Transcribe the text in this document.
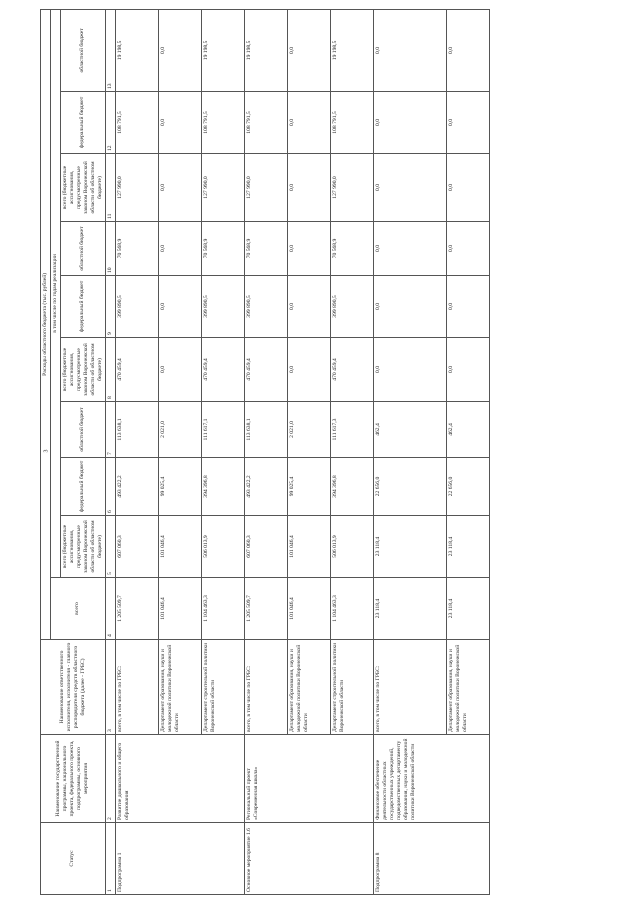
3
Статус	Наименование государственной программы, национального проекта, федерального проекта, подпрограммы, основного мероприятия	Наименование ответственного исполнителя, исполнителя - главного распорядителя средств областного бюджета (далее - ГРБС)	Расходы областного бюджета (тыс. рублей)									
			всего	в том числе по годам реализации								
				всего (бюджетные ассигнования, предусмотренные законом Воронежской области об областном бюджете)	федеральный бюджет	областной бюджет	всего (бюджетные ассигнования, предусмотренные законом Воронежской области об областном бюджете)	федеральный бюджет	областной бюджет	всего (бюджетные ассигнования, предусмотренные законом Воронежской области об областном бюджете)	федеральный бюджет	областной бюджет
1	2	3	4	5	6	7	8	9	10	11	12	13
Подпрограмма 1	Развитие дошкольного и общего образования	всего, в том числе по ГРБС:	1 205 509,7	607 060,3	493 422,2	113 638,1	470 459,4	399 890,5	70 568,9	127 990,0	108 791,5	19 198,5
		Департамент образования, науки и молодежной политики Воронежской области	101 046,4	101 046,4	99 025,4	2 021,0	0,0	0,0	0,0	0,0	0,0	0,0
		Департамент строительной политики Воронежской области	1 104 463,3	506 013,9	394 396,8	111 617,1	470 459,4	399 890,5	70 568,9	127 990,0	108 791,5	19 198,5
Основное мероприятие 1.6	Региональный проект «Современная школа»	всего, в том числе по ГРБС:	1 205 509,7	607 060,3	493 422,2	113 638,1	470 459,4	399 890,5	70 568,9	127 990,0	108 791,5	19 198,5
		Департамент образования, науки и молодежной политики Воронежской области	101 046,4	101 046,4	99 025,4	2 021,0	0,0	0,0	0,0	0,0	0,0	0,0
		Департамент строительной политики Воронежской области	1 104 463,3	506 013,9	394 396,8	111 617,3	470 459,4	399 890,5	70 568,9	127 990,0	108 791,5	19 198,5
Подпрограмма 8	Финансовое обеспечение деятельности областных государственных учреждений, подведомственных департаменту образования, науки и молодежной политики Воронежской области	всего, в том числе по ГРБС:	23 118,4	23 118,4	22 656,0	462,4	0,0	0,0	0,0	0,0	0,0	0,0
		Департамент образования, науки и молодежной политики Воронежской области	23 118,4	23 118,4	22 656,0	462,4	0,0	0,0	0,0	0,0	0,0	0,0
